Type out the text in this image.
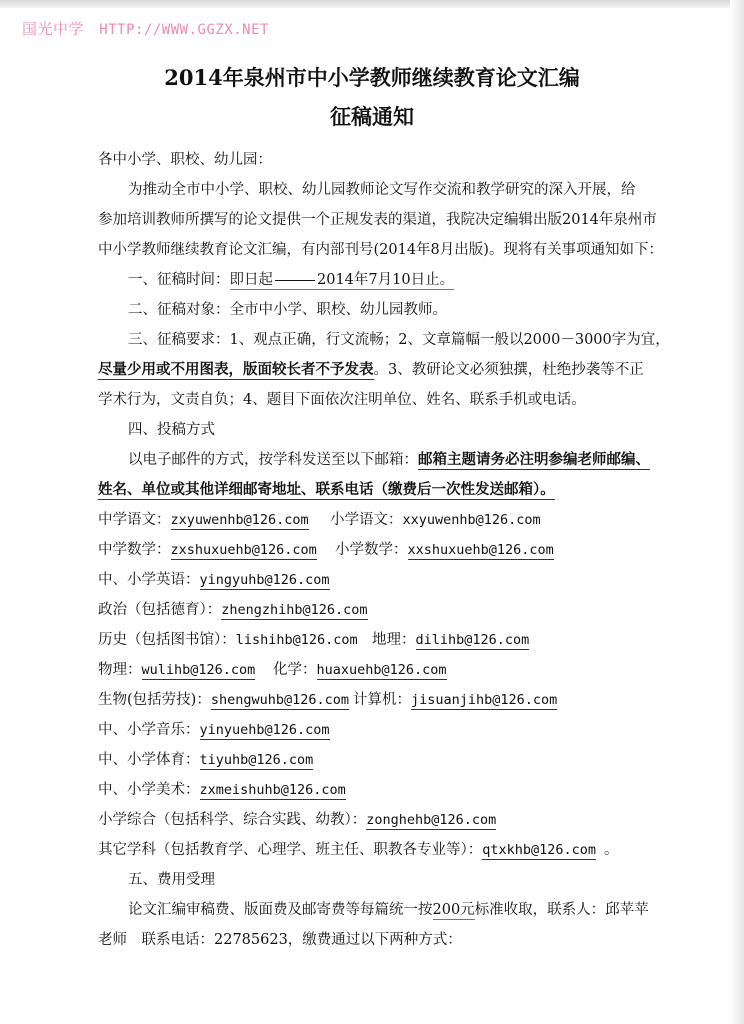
国光中学 HTTP://WWW.GGZX.NET
2014年泉州市中小学教师继续教育论文汇编
征稿通知
各中小学、职校、幼儿园：
为推动全市中小学、职校、幼儿园教师论文写作交流和教学研究的深入开展，给
参加培训教师所撰写的论文提供一个正规发表的渠道，我院决定编辑出版2014年泉州市
中小学教师继续教育论文汇编，有内部刊号(2014年8月出版)。现将有关事项通知如下：
一、征稿时间：即日起	2014年7月10日止。
二、征稿对象：全市中小学、职校、幼儿园教师。
三、征稿要求：1、观点正确，行文流畅；2、文章篇幅一般以2000－3000字为宜，
尽量少用或不用图表，版面较长者不予发表。3、教研论文必须独撰，杜绝抄袭等不正
学术行为，文责自负；4、题目下面依次注明单位、姓名、联系手机或电话。
四、投稿方式
以电子邮件的方式，按学科发送至以下邮箱：邮箱主题请务必注明参编老师邮编、
姓名、单位或其他详细邮寄地址、联系电话（缴费后一次性发送邮箱）。
中学语文：zxyuwenhb@126.com 小学语文：xxyuwenhb@126.com
中学数学：zxshuxuehb@126.com 小学数学：xxshuxuehb@126.com
中、小学英语：yingyuhb@126.com
政治（包括德育）：zhengzhihb@126.com
历史（包括图书馆）：lishihb@126.com 地理：dilihb@126.com
物理：wulihb@126.com 化学：huaxuehb@126.com
生物(包括劳技)：shengwuhb@126.com 计算机：jisuanjihb@126.com
中、小学音乐：yinyuehb@126.com
中、小学体育：tiyuhb@126.com
中、小学美术：zxmeishuhb@126.com
小学综合（包括科学、综合实践、幼教）：zonghehb@126.com
其它学科（包括教育学、心理学、班主任、职教各专业等）：qtxkhb@126.com 。
五、费用受理
论文汇编审稿费、版面费及邮寄费等每篇统一按200元标准收取，联系人：邱苹苹
老师　联系电话：22785623，缴费通过以下两种方式：
